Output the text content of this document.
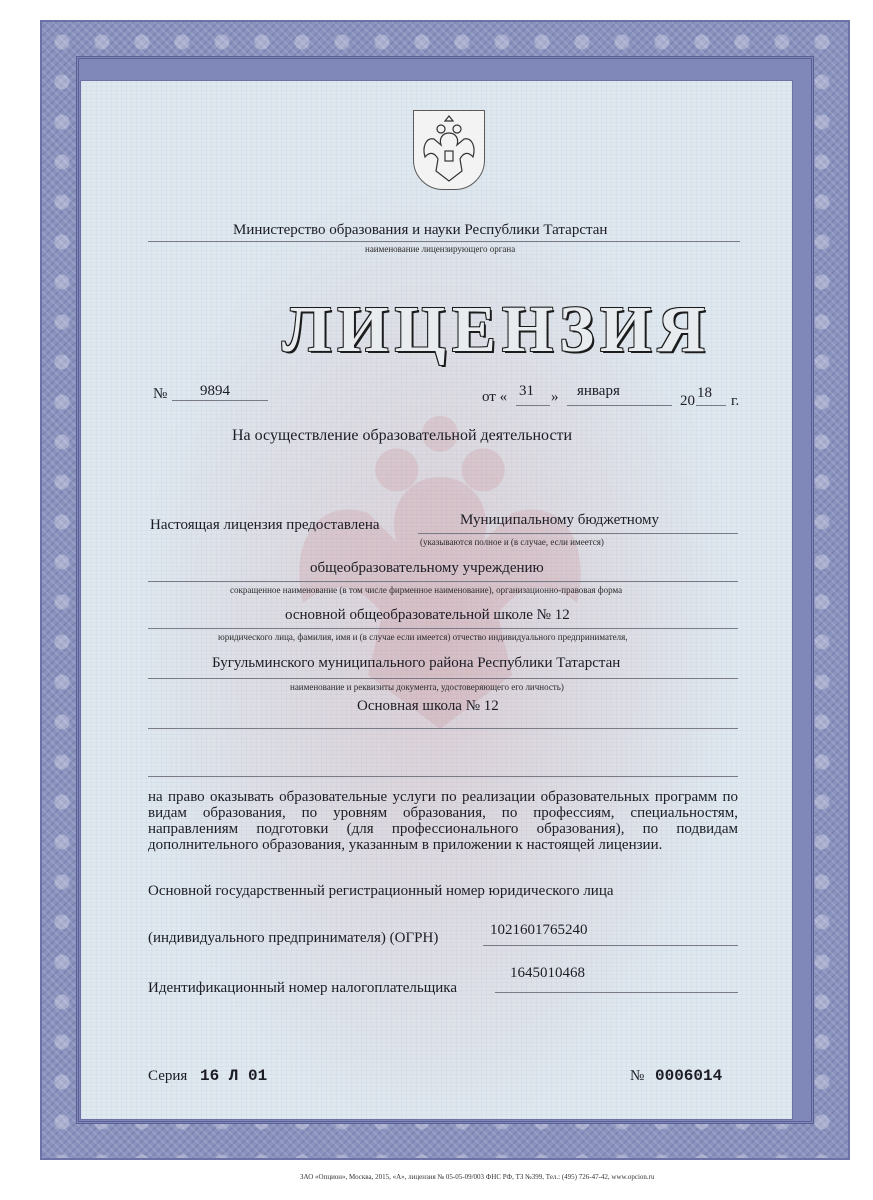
Министерство образования и науки Республики Татарстан
наименование лицензирующего органа
ЛИЦЕНЗИЯ
№ 9894	от « 31 » января
20 18 г.
На осуществление образовательной деятельности
Настоящая лицензия предоставлена	Муниципальному бюджетному
(указываются полное и (в случае, если имеется)
общеобразовательному учреждению
сокращенное наименование (в том числе фирменное наименование), организационно-правовая форма
основной общеобразовательной школе № 12
юридического лица, фамилия, имя и (в случае если имеется) отчество индивидуального предпринимателя,
Бугульминского муниципального района Республики Татарстан
наименование и реквизиты документа, удостоверяющего его личность)
Основная школа № 12
на право оказывать образовательные услуги по реализации образовательных программ по видам образования, по уровням образования, по профессиям, специальностям, направлениям подготовки (для профессионального образования), по подвидам дополнительного образования, указанным в приложении к настоящей лицензии.
Основной государственный регистрационный номер юридического лица
(индивидуального предпринимателя) (ОГРН)	1021601765240
Идентификационный номер налогоплательщика
1645010468
Серия 16 Л 01	№ 0006014
ЗАО «Опцион», Москва, 2015, «А», лицензия № 05-05-09/003 ФНС РФ, ТЗ №399, Тел.: (495) 726-47-42, www.opcion.ru
